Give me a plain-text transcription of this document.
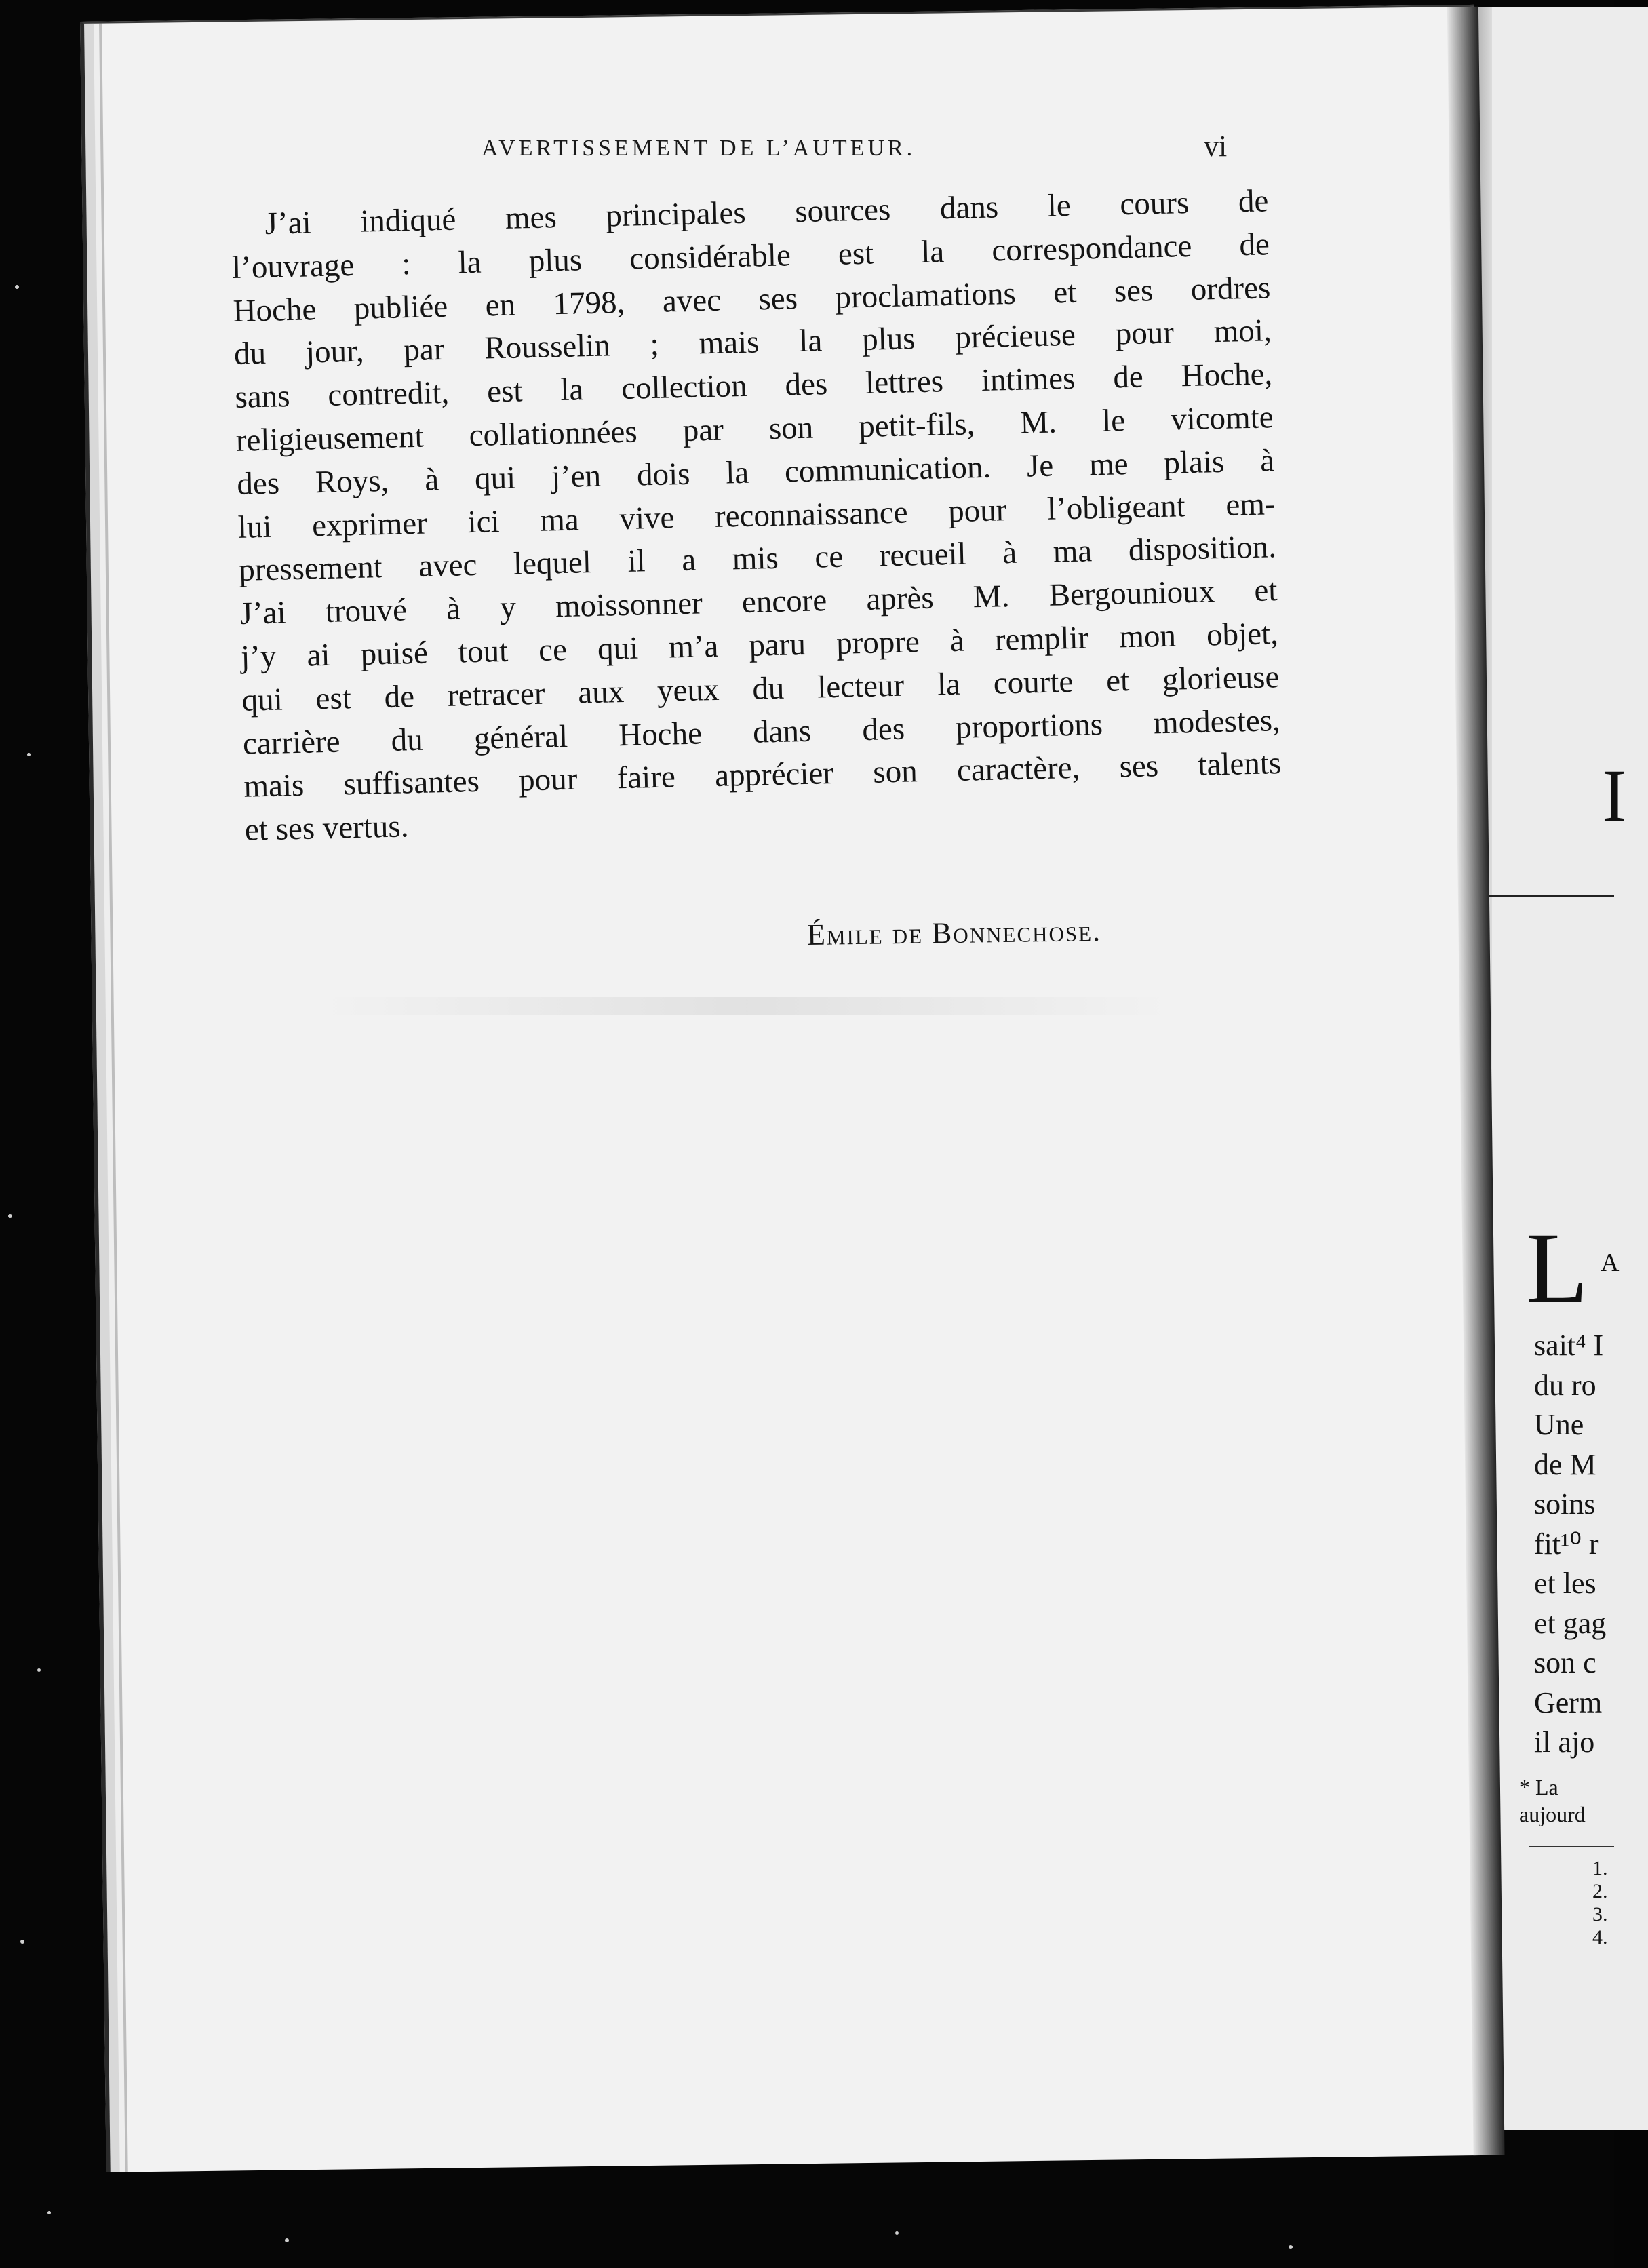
I
L A
sait⁴ I
du ro
Une
de M
soins
fit¹⁰ r
et les
et gag
son c
Germ
il ajo
* La
aujourd
1.
2.
3.
4.
AVERTISSEMENT DE L’AUTEUR.	vi
J’ai indiqué mes principales sources dans le cours de
l’ouvrage : la plus considérable est la correspondance de
Hoche publiée en 1798, avec ses proclamations et ses ordres
du jour, par Rousselin ; mais la plus précieuse pour moi,
sans contredit, est la collection des lettres intimes de Hoche,
religieusement collationnées par son petit-fils, M. le vicomte
des Roys, à qui j’en dois la communication. Je me plais à
lui exprimer ici ma vive reconnaissance pour l’obligeant em-
pressement avec lequel il a mis ce recueil à ma disposition.
J’ai trouvé à y moissonner encore après M. Bergounioux et
j’y ai puisé tout ce qui m’a paru propre à remplir mon objet,
qui est de retracer aux yeux du lecteur la courte et glorieuse
carrière du général Hoche dans des proportions modestes,
mais suffisantes pour faire apprécier son caractère, ses talents
et ses vertus.
Émile de Bonnechose.
